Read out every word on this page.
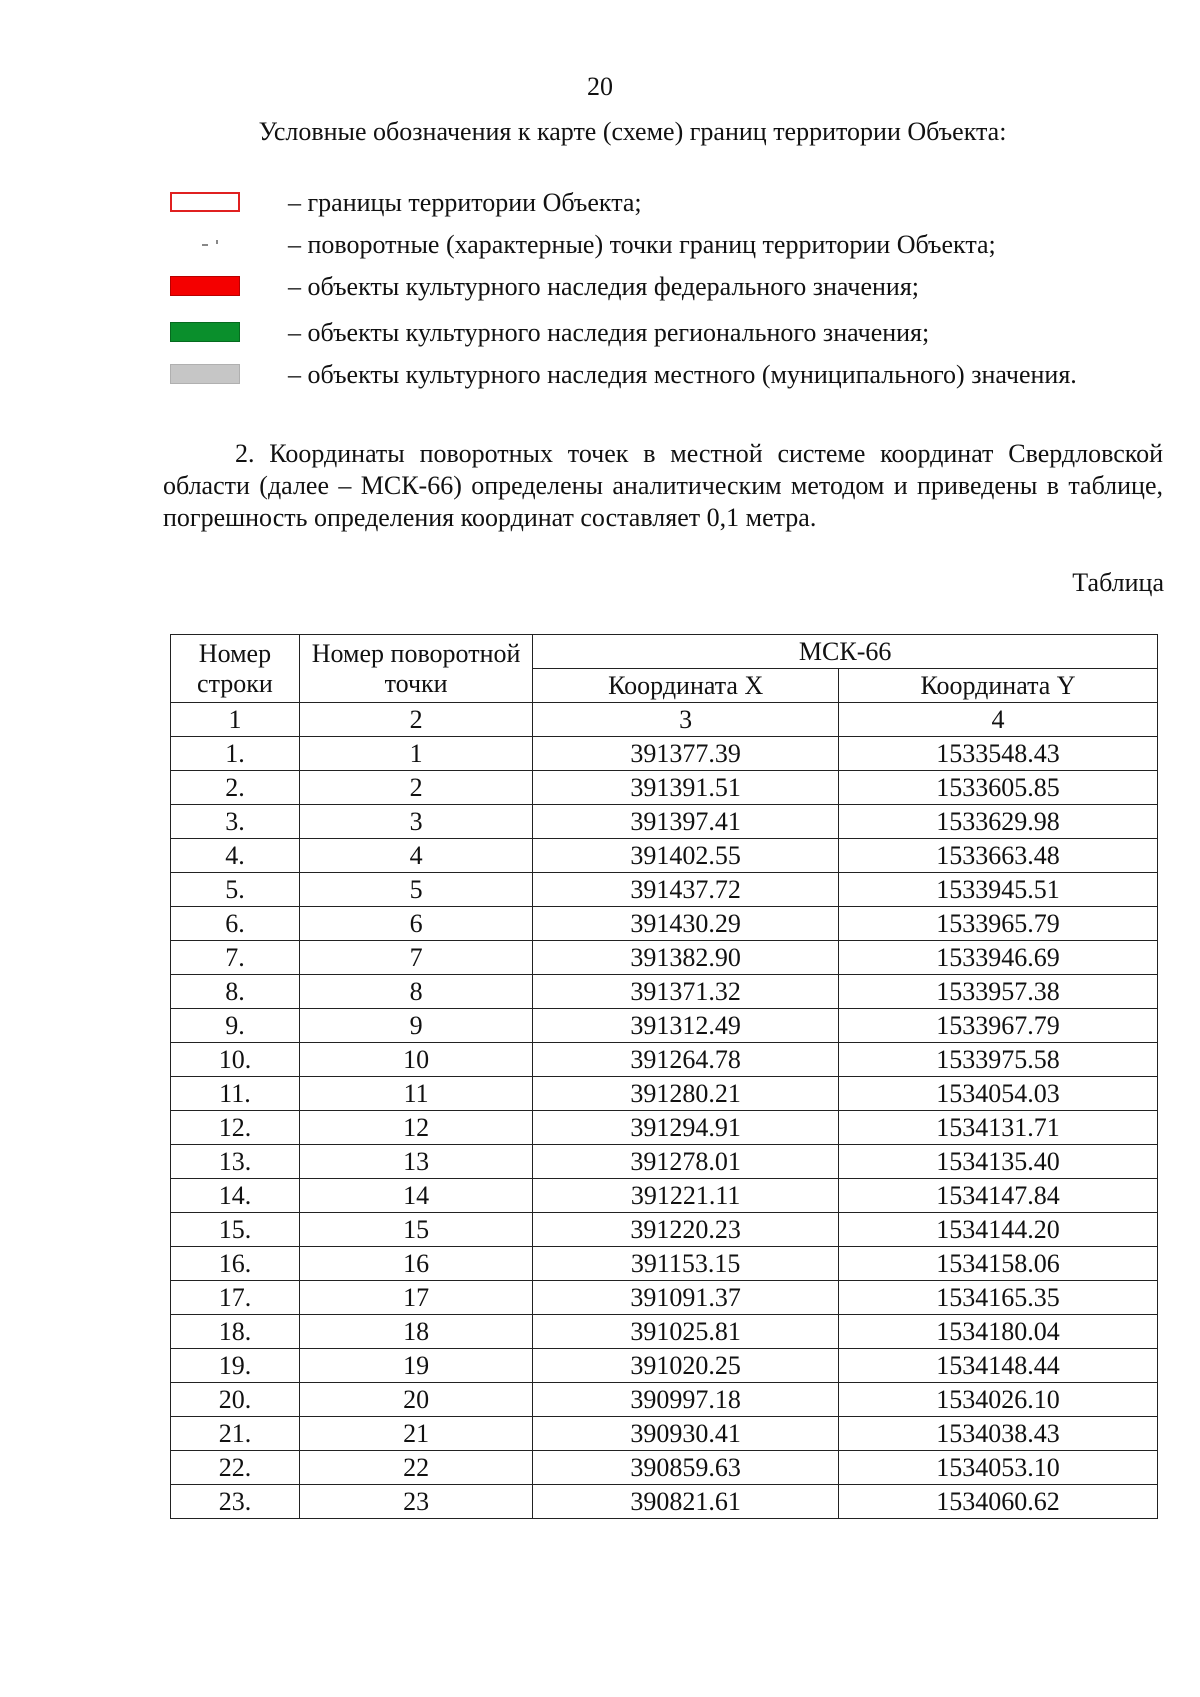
20
Условные обозначения к карте (схеме) границ территории Объекта:
– границы территории Объекта;
– поворотные (характерные) точки границ территории Объекта;
– объекты культурного наследия федерального значения;
– объекты культурного наследия регионального значения;
– объекты культурного наследия местного (муниципального) значения.
2. Координаты поворотных точек в местной системе координат Свердловской области (далее – МСК-66) определены аналитическим методом и приведены в таблице, погрешность определения координат составляет 0,1 метра.
Таблица
Номер строки	Номер поворотной точки	МСК-66	
		Координата X	Координата Y
1	2	3	4
1.	1	391377.39	1533548.43
2.	2	391391.51	1533605.85
3.	3	391397.41	1533629.98
4.	4	391402.55	1533663.48
5.	5	391437.72	1533945.51
6.	6	391430.29	1533965.79
7.	7	391382.90	1533946.69
8.	8	391371.32	1533957.38
9.	9	391312.49	1533967.79
10.	10	391264.78	1533975.58
11.	11	391280.21	1534054.03
12.	12	391294.91	1534131.71
13.	13	391278.01	1534135.40
14.	14	391221.11	1534147.84
15.	15	391220.23	1534144.20
16.	16	391153.15	1534158.06
17.	17	391091.37	1534165.35
18.	18	391025.81	1534180.04
19.	19	391020.25	1534148.44
20.	20	390997.18	1534026.10
21.	21	390930.41	1534038.43
22.	22	390859.63	1534053.10
23.	23	390821.61	1534060.62
